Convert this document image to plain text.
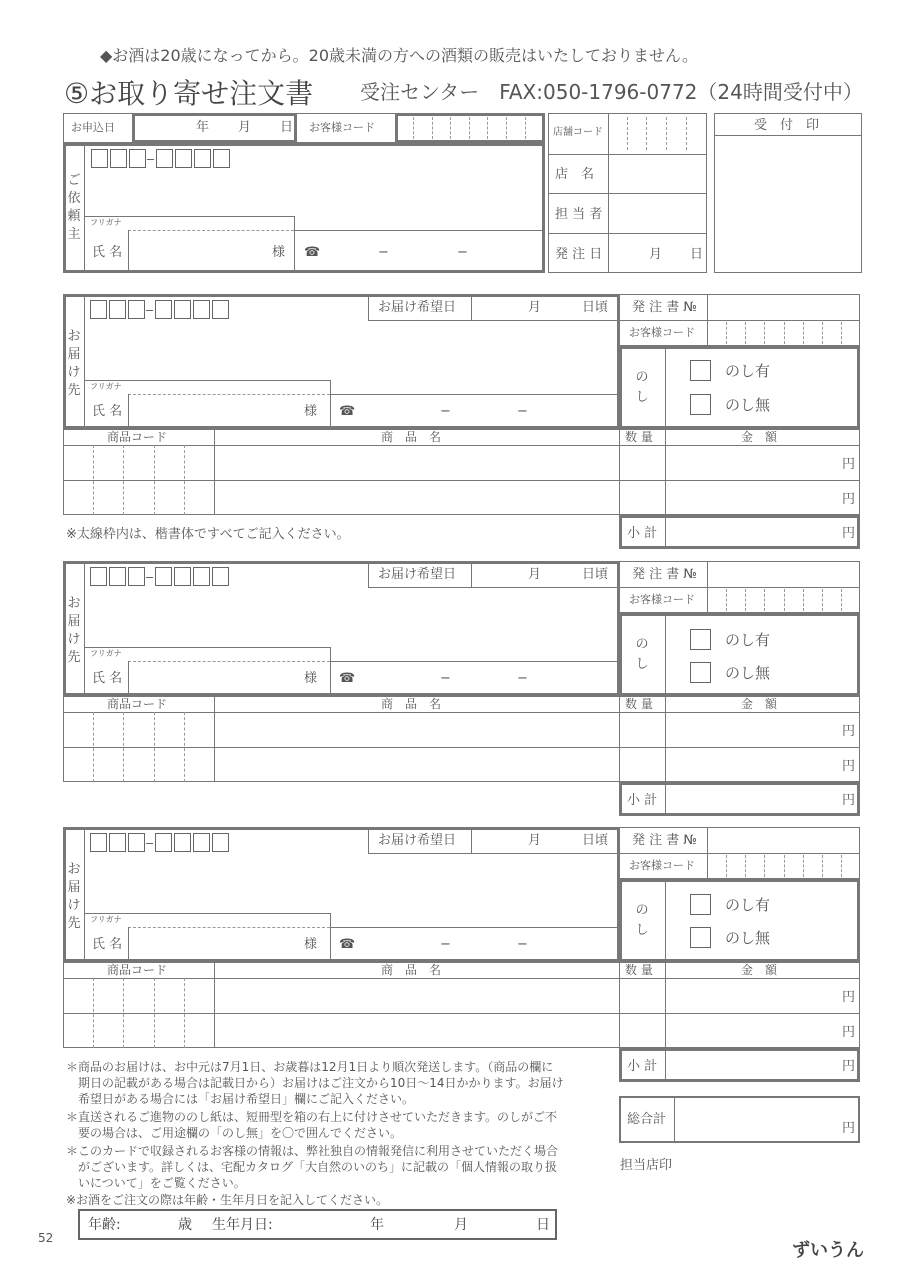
◆お酒は20歳になってから。20歳未満の方への酒類の販売はいたしておりません。
⑤お取り寄せ注文書 受注センター　FAX:050-1796-0772（24時間受付中）
お申込日	年 月 日 お客様コード
ご依頼主
フリガナ
氏 名	様 ☎	−	−
店舗コード
店　名
担 当 者
発 注 日	月 日
受　付　印
お届け先
お届け希望日	月	日頃
フリガナ
氏 名	様 ☎	−	−
商品コード	商　品　名	数 量	金　額
円
円
小 計	円
発 注 書 №
お客様コード
のし
のし有
のし無
※太線枠内は、楷書体ですべてご記入ください。
お届け先
お届け希望日	月	日頃
フリガナ
氏 名	様 ☎	−	−
商品コード	商　品　名	数 量	金　額
円
円
小 計	円
発 注 書 №
お客様コード
のし
のし有
のし無
お届け先
お届け希望日	月	日頃
フリガナ
氏 名	様 ☎	−	−
商品コード	商　品　名	数 量	金　額
円
円
小 計	円
発 注 書 №
お客様コード
のし
のし有
のし無
＊商品のお届けは、お中元は7月1日、お歳暮は12月1日より順次発送します。（商品の欄に
　期日の記載がある場合は記載日から）お届けはご注文から10日〜14日かかります。お届け
　希望日がある場合には「お届け希望日」欄にご記入ください。
＊直送されるご進物ののし紙は、短冊型を箱の右上に付けさせていただきます。のしがご不
　要の場合は、ご用途欄の「のし無」を〇で囲んでください。
＊このカードで収録されるお客様の情報は、弊社独自の情報発信に利用させていただく場合
　がございます。詳しくは、宅配カタログ「大自然のいのち」に記載の「個人情報の取り扱
　いについて」をご覧ください。
※お酒をご注文の際は年齢・生年月日を記入してください。
年齢:	歳 生年月日:	年	月	日
総合計
円
担当店印
52
ずいうん
